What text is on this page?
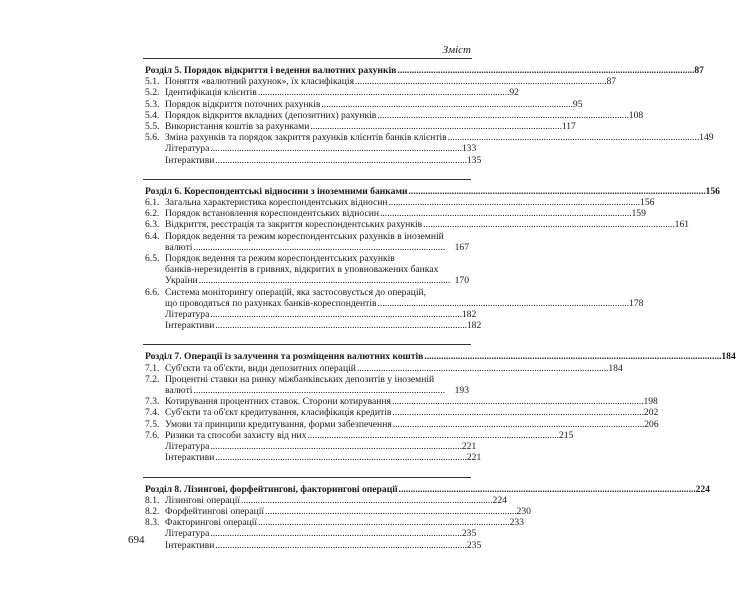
Зміст
Розділ 5. Порядок відкриття і ведення валютних рахунків . . .	87
5.1. Поняття «валютний рахунок», їх класифікація . . .	87
5.2. Ідентифікація клієнтів . . .	92
5.3. Порядок відкриття поточних рахунків . . .	95
5.4. Порядок відкриття вкладних (депозитних) рахунків . . .	108
5.5. Використання коштів за рахунками . . .	117
5.6. Зміна рахунків та порядок закриття рахунків клієнтів банків клієнтів . . .	149
Література . . .	133
Інтерактиви . . .	135
Розділ 6. Кореспондентські відносини з іноземними банками . . .	156
6.1. Загальна характеристика кореспондентських відносин . . .	156
6.2. Порядок встановлення кореспондентських відносин . . .	159
6.3. Відкриття, реєстрація та закриття кореспондентських рахунків . . .	161
6.4. Порядок ведення та режим кореспондентських рахунків в іноземній
валюті . . .	167
6.5. Порядок ведення та режим кореспондентських рахунків
банків-нерезидентів в гривнях, відкритих в уповноважених банках
України . . .	170
6.6. Система моніторингу операцій, яка застосовується до операцій,
що проводяться по рахунках банків-кореспондентів . . .	178
Література . . .	182
Інтерактиви . . .	182
Розділ 7. Операції із залучення та розміщення валютних коштів . . .	184
7.1. Суб'єкти та об'єкти, види депозитних операцій . . .	184
7.2. Процентні ставки на ринку міжбанківських депозитів у іноземній
валюті . . .	193
7.3. Котирування процентних ставок. Сторони котирування . . .	198
7.4. Суб'єкти та об'єкт кредитування, класифікація кредитів . . .	202
7.5. Умови та принципи кредитування, форми забезпечення . . .	206
7.6. Ризики та способи захисту від них . . .	215
Література . . .	221
Інтерактиви . . .	221
Розділ 8. Лізингові, форфейтингові, факторингові операції . . .	224
8.1. Лізингові операції . . .	224
8.2. Форфейтингові операції . . .	230
8.3. Факторингові операції . . .	233
Література . . .	235
Інтерактиви . . .	235
694
